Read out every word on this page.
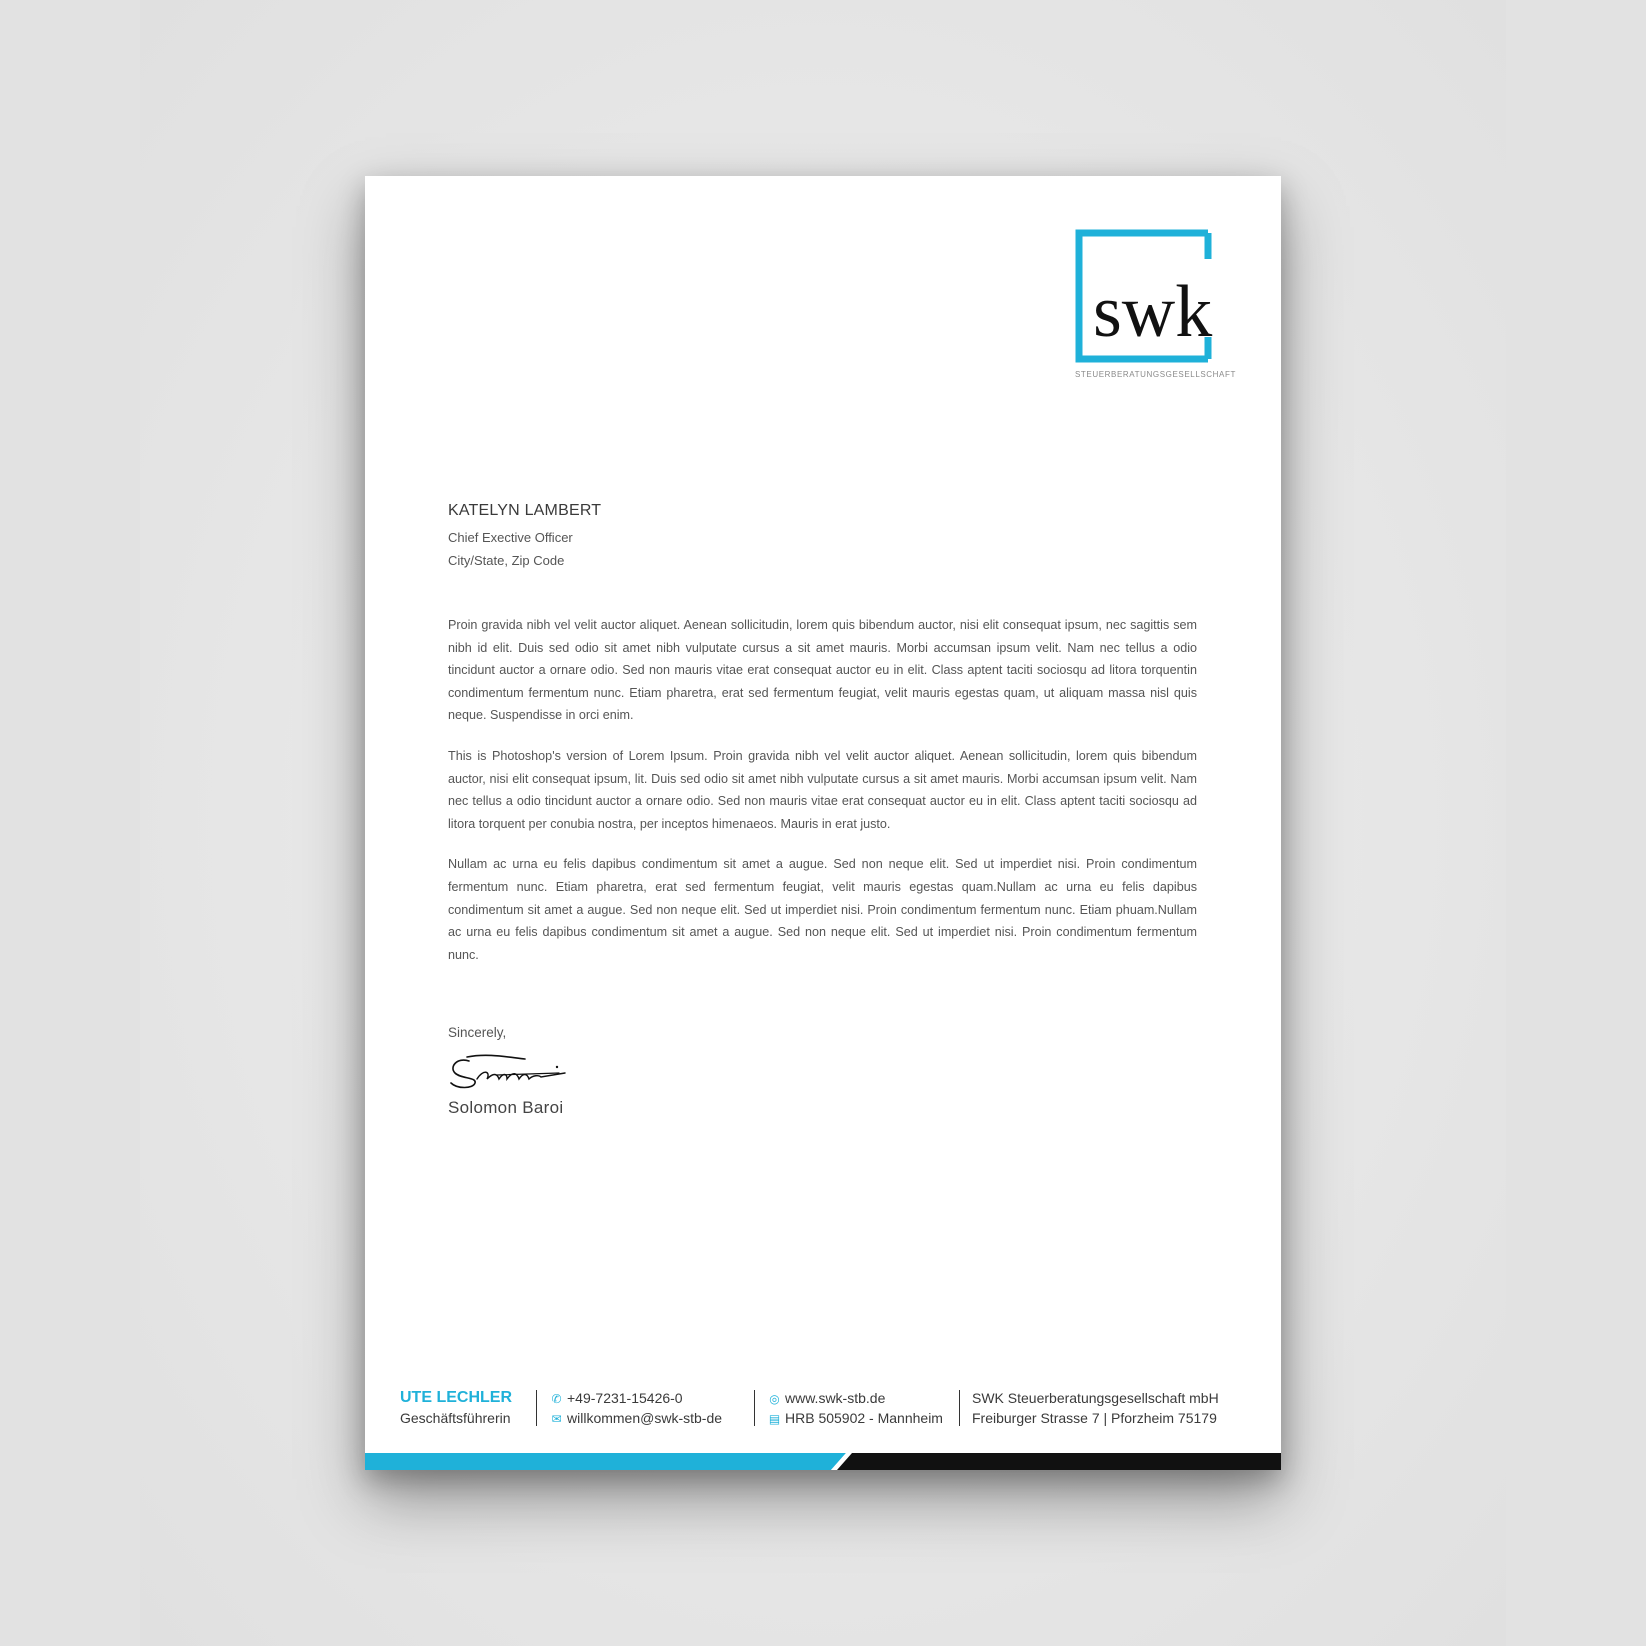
swk
STEUERBERATUNGSGESELLSCHAFT
KATELYN LAMBERT
Chief Exective Officer
City/State, Zip Code

Proin gravida nibh vel velit auctor aliquet. Aenean sollicitudin, lorem quis bibendum auctor, nisi elit consequat ipsum, nec sagittis sem nibh id elit. Duis sed odio sit amet nibh vulputate cursus a sit amet mauris. Morbi accumsan ipsum velit. Nam nec tellus a odio tincidunt auctor a ornare odio. Sed non mauris vitae erat consequat auctor eu in elit. Class aptent taciti sociosqu ad litora torquentin condimentum fermentum nunc. Etiam pharetra, erat sed fermentum feugiat, velit mauris egestas quam, ut aliquam massa nisl quis neque. Suspendisse in orci enim.

This is Photoshop's version of Lorem Ipsum. Proin gravida nibh vel velit auctor aliquet. Aenean sollicitudin, lorem quis bibendum auctor, nisi elit consequat ipsum, lit. Duis sed odio sit amet nibh vulputate cursus a sit amet mauris. Morbi accumsan ipsum velit. Nam nec tellus a odio tincidunt auctor a ornare odio. Sed non mauris vitae erat consequat auctor eu in elit. Class aptent taciti sociosqu ad litora torquent per conubia nostra, per inceptos himenaeos. Mauris in erat justo.

Nullam ac urna eu felis dapibus condimentum sit amet a augue. Sed non neque elit. Sed ut imperdiet nisi. Proin condimentum fermentum nunc. Etiam pharetra, erat sed fermentum feugiat, velit mauris egestas quam.Nullam ac urna eu felis dapibus condimentum sit amet a augue. Sed non neque elit. Sed ut imperdiet nisi. Proin condimentum fermentum nunc. Etiam phuam.Nullam ac urna eu felis dapibus condimentum sit amet a augue. Sed non neque elit. Sed ut imperdiet nisi. Proin condimentum fermentum nunc.

Sincerely,
Solomon Baroi
UTE LECHLER
Geschäftsführerin
✆ +49-7231-15426-0
✉ willkommen@swk-stb-de
◎ www.swk-stb.de
▤ HRB 505902 - Mannheim
SWK Steuerberatungsgesellschaft mbH
Freiburger Strasse 7 | Pforzheim 75179
